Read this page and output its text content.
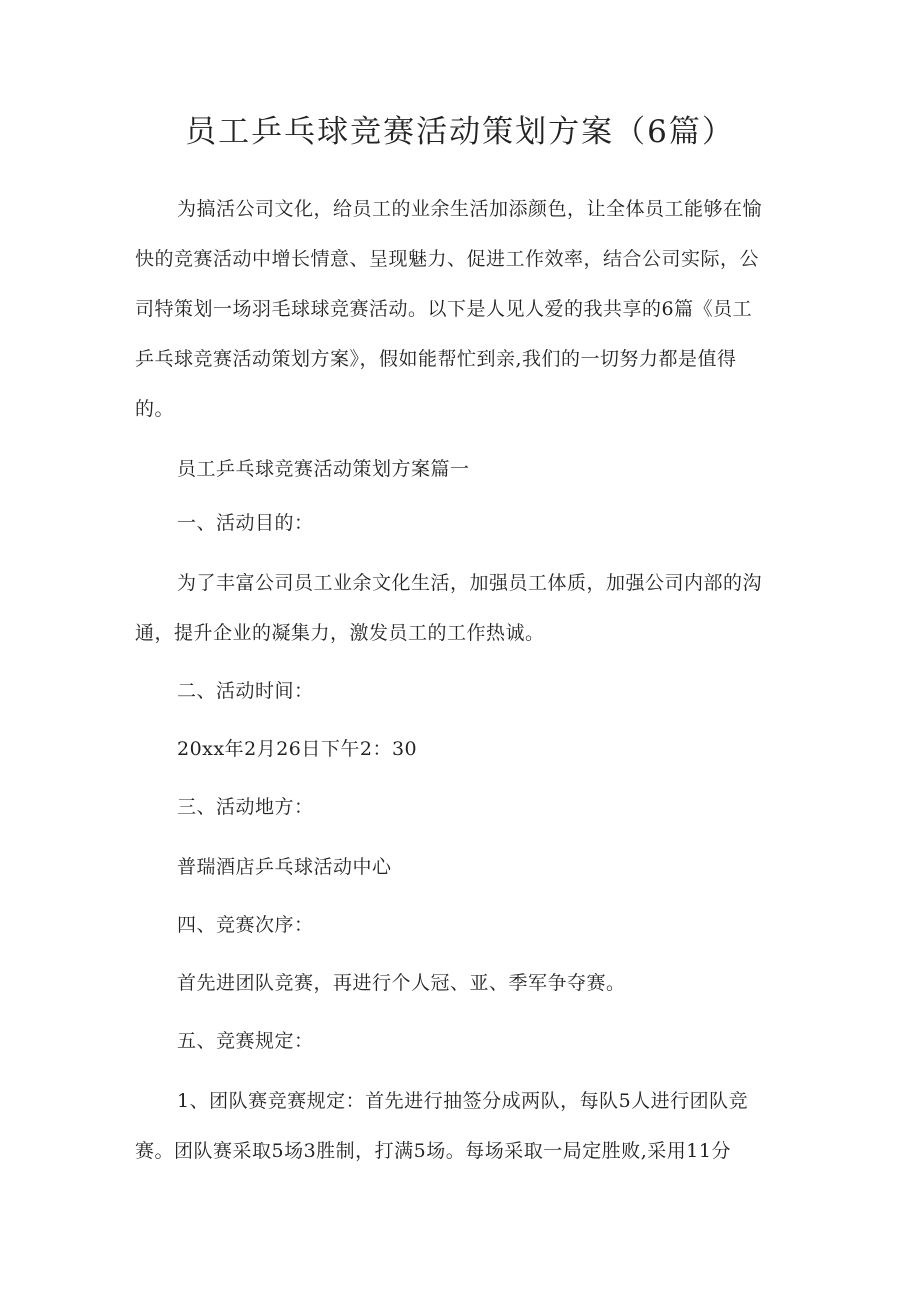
员工乒乓球竞赛活动策划方案（6篇）
为搞活公司文化，给员工的业余生活加添颜色，让全体员工能够在愉
快的竞赛活动中增长情意、呈现魅力、促进工作效率，结合公司实际，公
司特策划一场羽毛球球竞赛活动。以下是人见人爱的我共享的6篇《员工
乒乓球竞赛活动策划方案》，假如能帮忙到亲,我们的一切努力都是值得
的。
员工乒乓球竞赛活动策划方案篇一
一、活动目的：
为了丰富公司员工业余文化生活，加强员工体质，加强公司内部的沟
通，提升企业的凝集力，激发员工的工作热诚。
二、活动时间：
20xx年2月26日下午2：30
三、活动地方：
普瑞酒店乒乓球活动中心
四、竞赛次序：
首先进团队竞赛，再进行个人冠、亚、季军争夺赛。
五、竞赛规定：
1、团队赛竞赛规定：首先进行抽签分成两队，每队5人进行团队竞
赛。团队赛采取5场3胜制，打满5场。每场采取一局定胜败,采用11分
